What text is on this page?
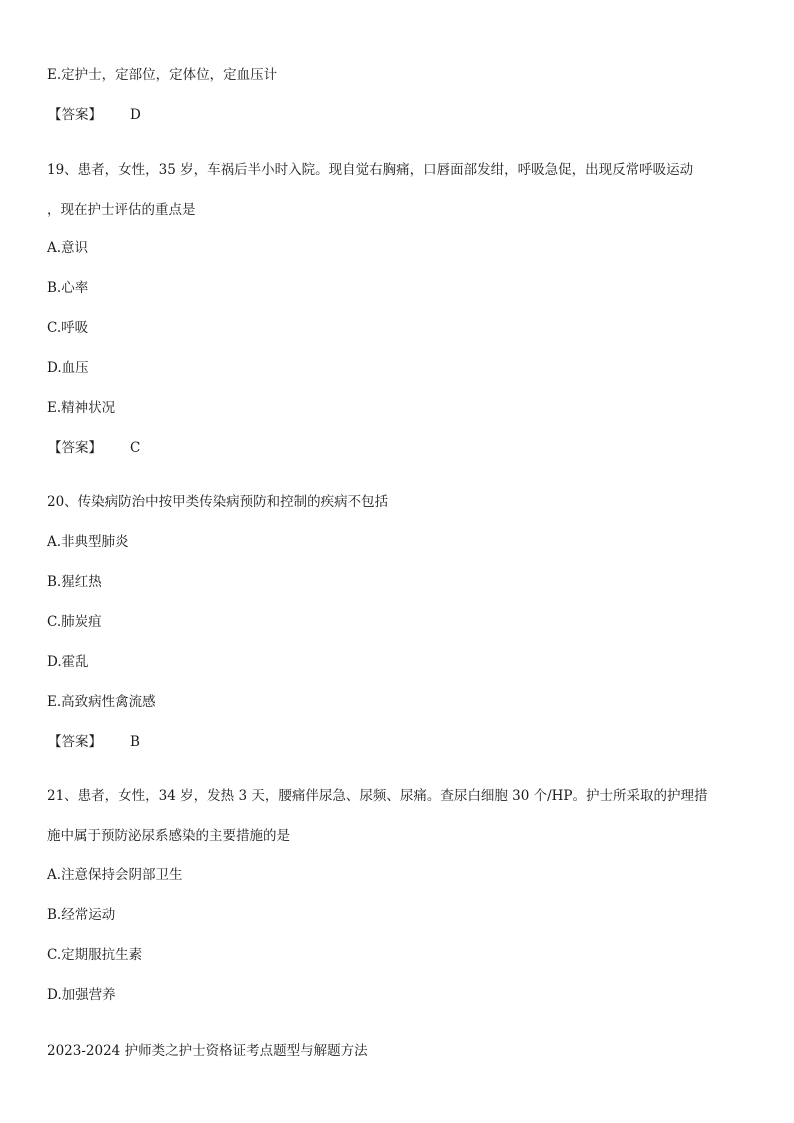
E.定护士，定部位，定体位，定血压计
【答案】 D
19、患者，女性，35 岁，车祸后半小时入院。现自觉右胸痛，口唇面部发绀，呼吸急促，出现反常呼吸运动
，现在护士评估的重点是
A.意识
B.心率
C.呼吸
D.血压
E.精神状况
【答案】 C
20、传染病防治中按甲类传染病预防和控制的疾病不包括
A.非典型肺炎
B.猩红热
C.肺炭疽
D.霍乱
E.高致病性禽流感
【答案】 B
21、患者，女性，34 岁，发热 3 天，腰痛伴尿急、尿频、尿痛。查尿白细胞 30 个/HP。护士所采取的护理措
施中属于预防泌尿系感染的主要措施的是
A.注意保持会阴部卫生
B.经常运动
C.定期服抗生素
D.加强营养
2023-2024 护师类之护士资格证考点题型与解题方法
